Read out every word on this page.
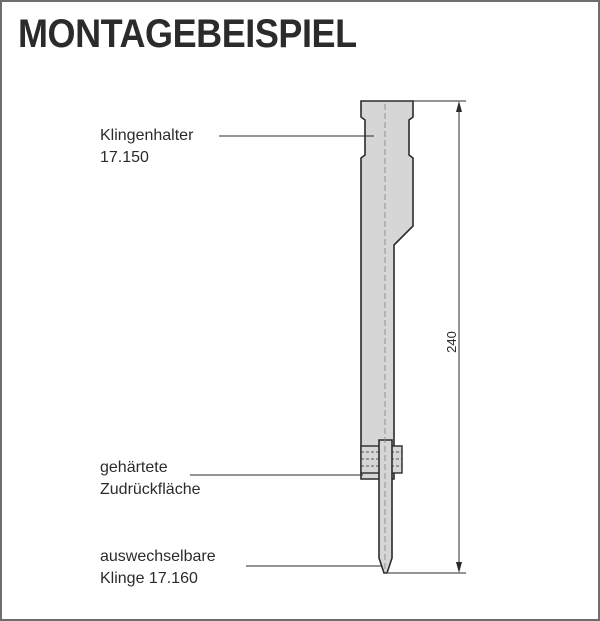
MONTAGEBEISPIEL
Klingenhalter
17.150
gehärtete
Zudrückfläche
auswechselbare
Klinge 17.160
240
